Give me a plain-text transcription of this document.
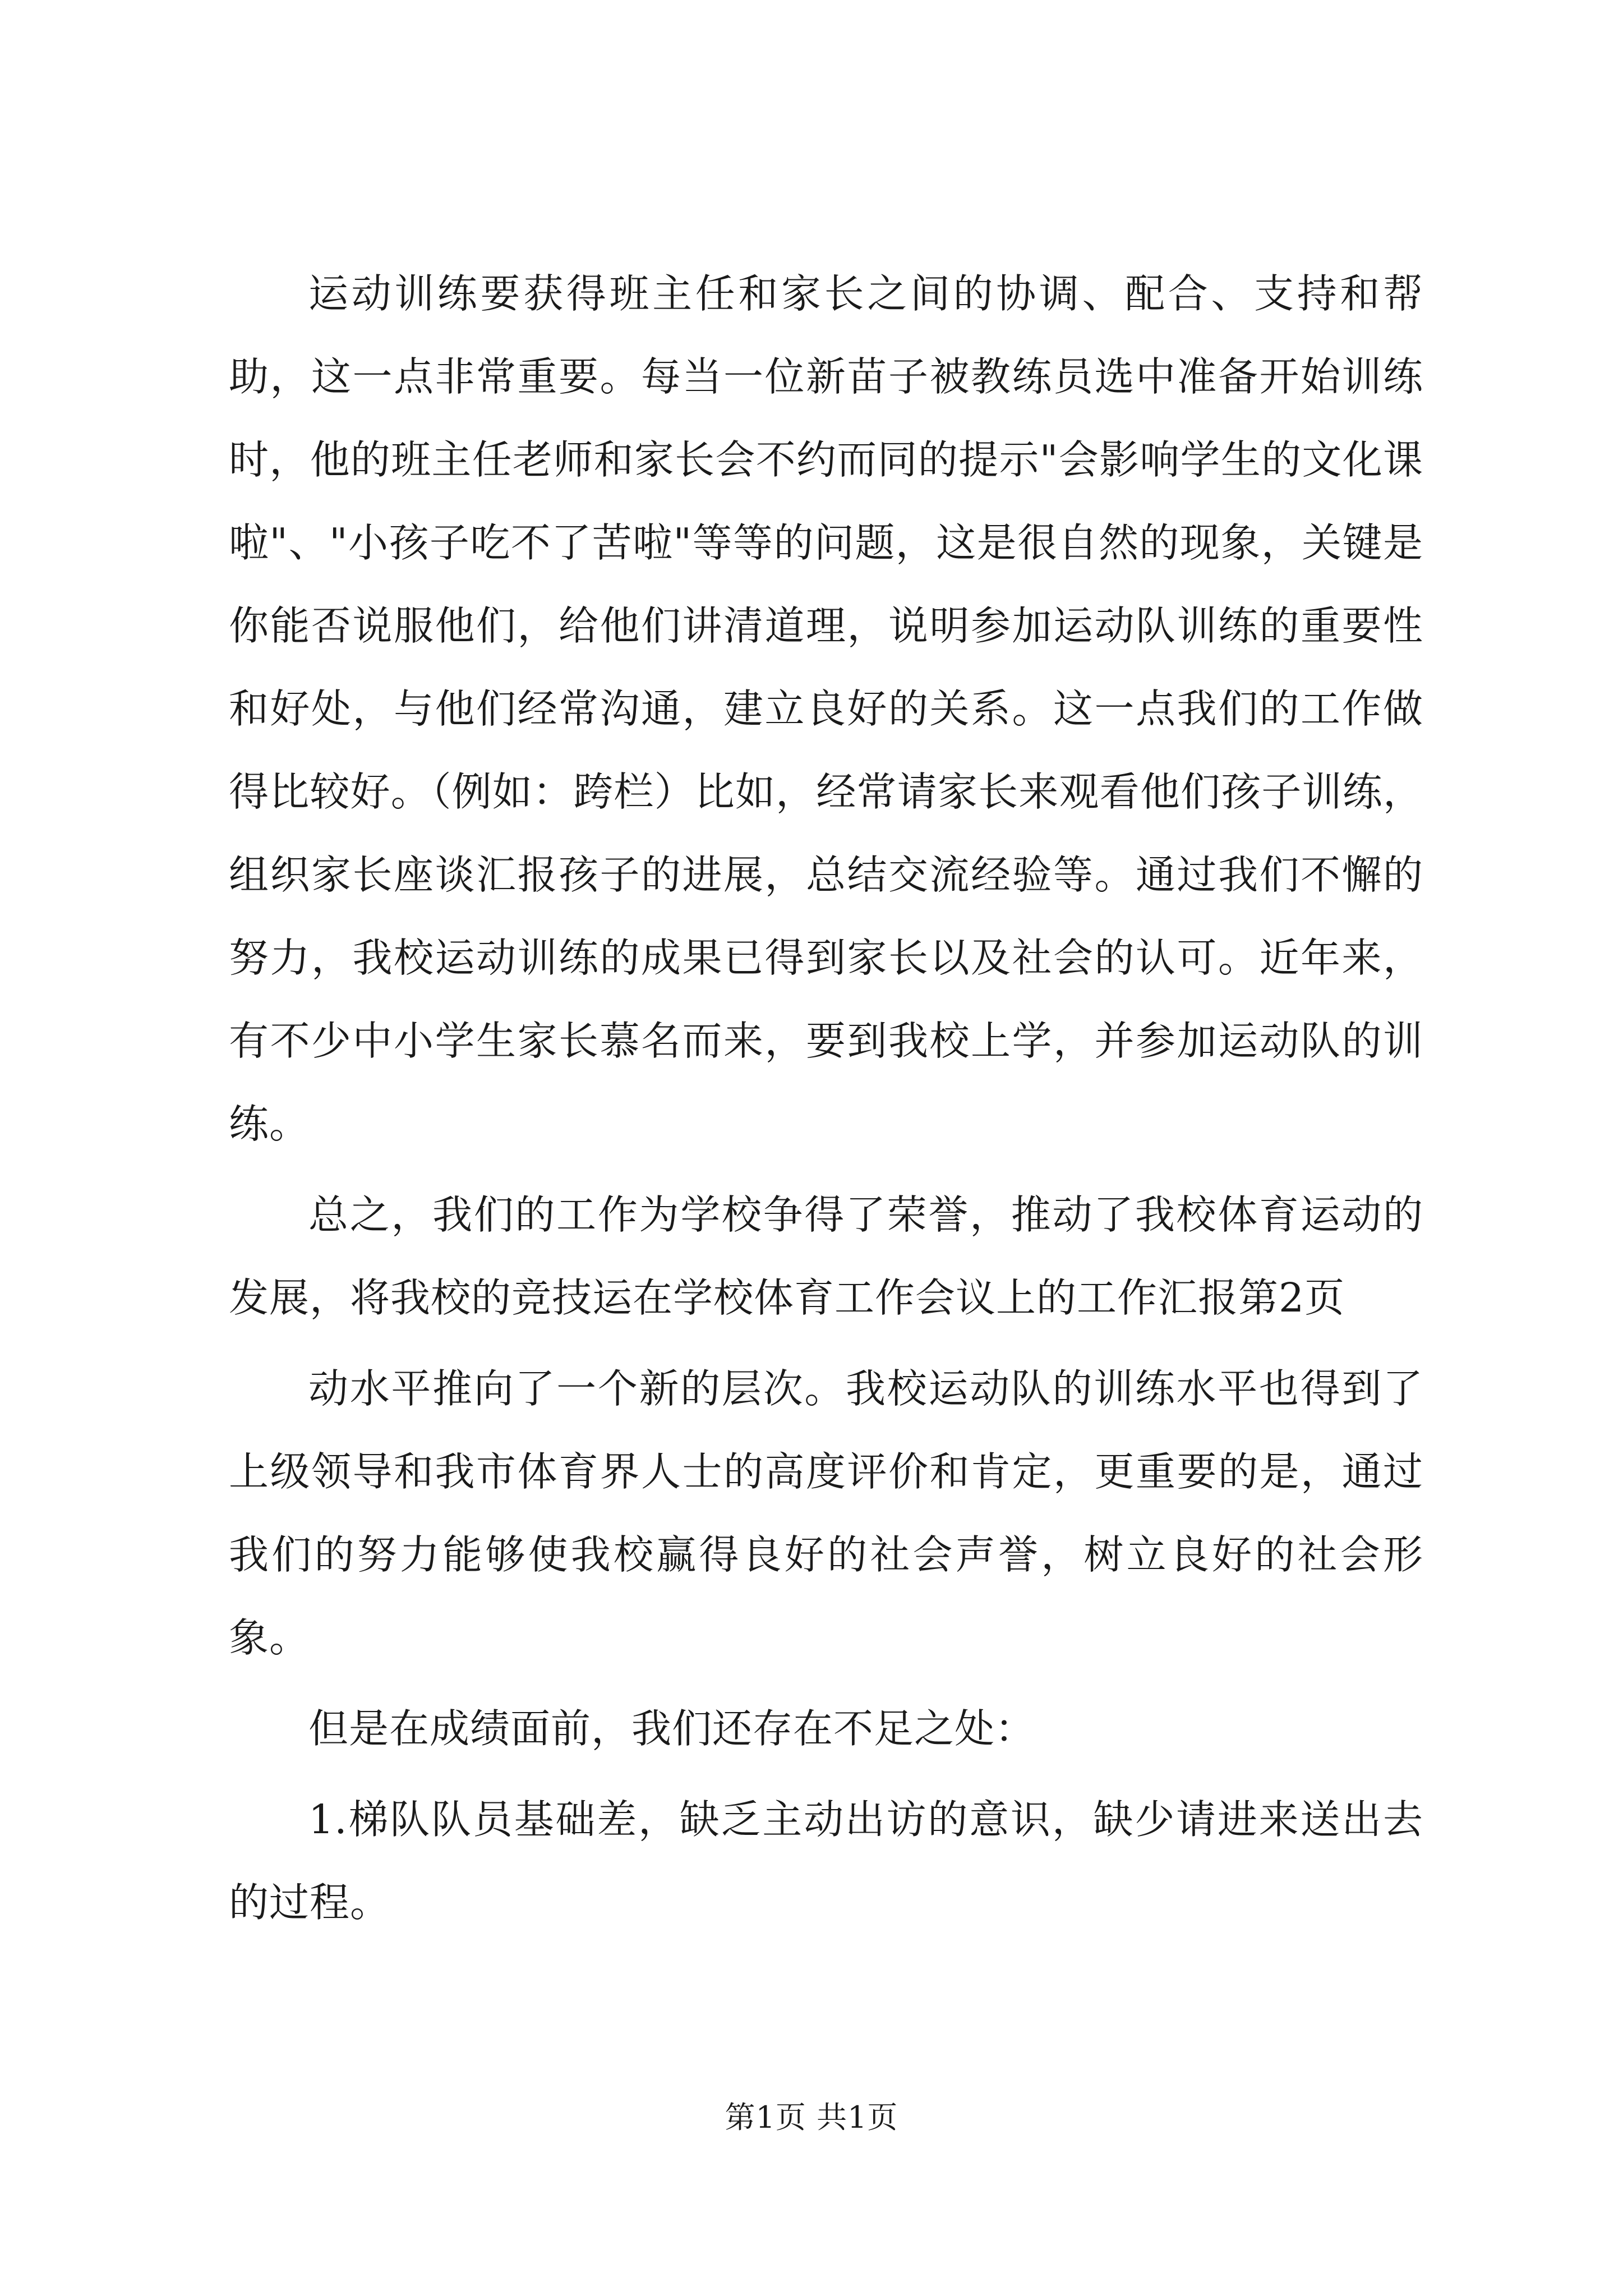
运动训练要获得班主任和家长之间的协调、配合、支持和帮助，这一点非常重要。每当一位新苗子被教练员选中准备开始训练时，他的班主任老师和家长会不约而同的提示"会影响学生的文化课啦"、"小孩子吃不了苦啦"等等的问题，这是很自然的现象，关键是你能否说服他们，给他们讲清道理，说明参加运动队训练的重要性和好处，与他们经常沟通，建立良好的关系。这一点我们的工作做得比较好。（例如：跨栏）比如，经常请家长来观看他们孩子训练，组织家长座谈汇报孩子的进展，总结交流经验等。通过我们不懈的努力，我校运动训练的成果已得到家长以及社会的认可。近年来，有不少中小学生家长慕名而来，要到我校上学，并参加运动队的训练。

总之，我们的工作为学校争得了荣誉，推动了我校体育运动的发展，将我校的竞技运在学校体育工作会议上的工作汇报第2页

动水平推向了一个新的层次。我校运动队的训练水平也得到了上级领导和我市体育界人士的高度评价和肯定，更重要的是，通过我们的努力能够使我校赢得良好的社会声誉，树立良好的社会形象。

但是在成绩面前，我们还存在不足之处：

1.梯队队员基础差，缺乏主动出访的意识，缺少请进来送出去的过程。

第1页 共1页
